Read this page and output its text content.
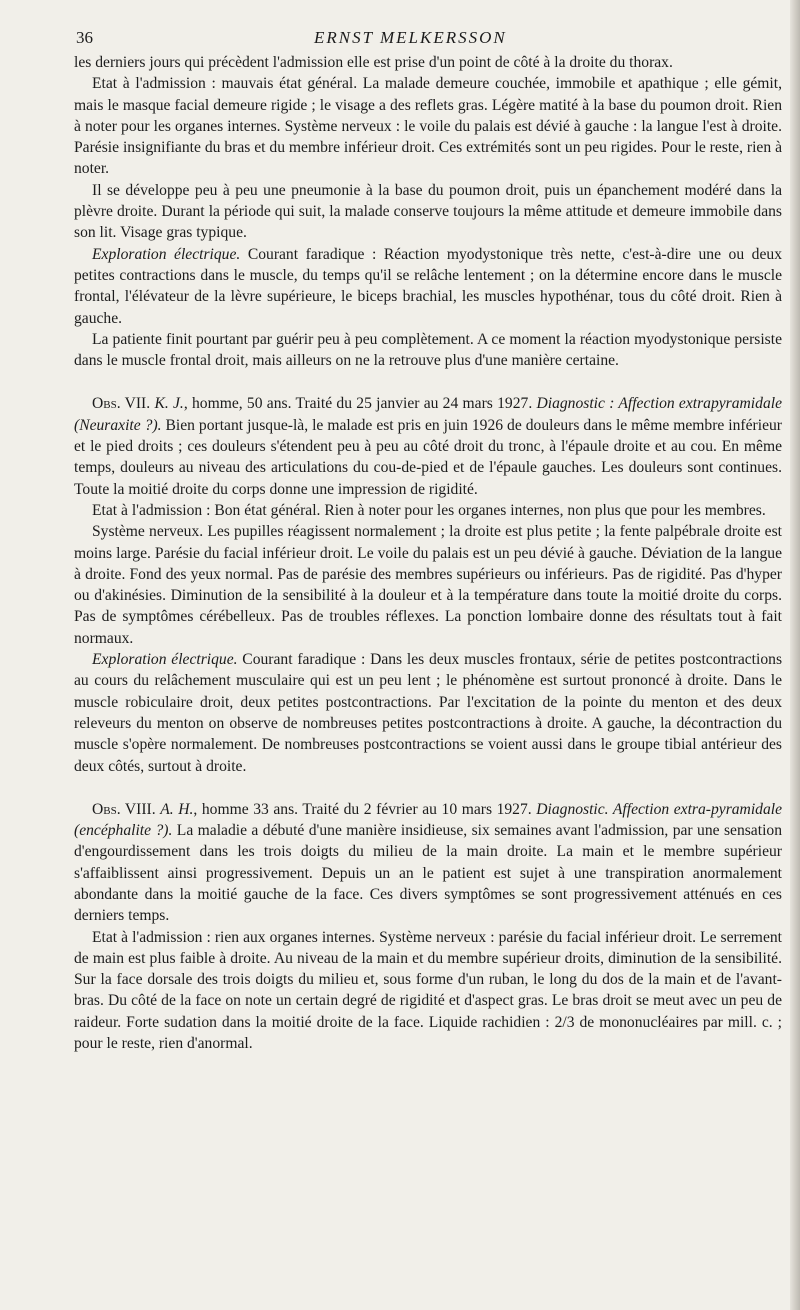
36	ERNST MELKERSSON

les derniers jours qui précèdent l'admission elle est prise d'un point de côté à la droite du thorax.

Etat à l'admission : mauvais état général. La malade demeure couchée, immobile et apathique ; elle gémit, mais le masque facial demeure rigide ; le visage a des reflets gras. Légère matité à la base du poumon droit. Rien à noter pour les organes internes. Système nerveux : le voile du palais est dévié à gauche : la langue l'est à droite. Parésie insignifiante du bras et du membre inférieur droit. Ces extrémités sont un peu rigides. Pour le reste, rien à noter.

Il se développe peu à peu une pneumonie à la base du poumon droit, puis un épanchement modéré dans la plèvre droite. Durant la période qui suit, la malade conserve toujours la même attitude et demeure immobile dans son lit. Visage gras typique.

Exploration électrique. Courant faradique : Réaction myodystonique très nette, c'est-à-dire une ou deux petites contractions dans le muscle, du temps qu'il se relâche lentement ; on la détermine encore dans le muscle frontal, l'élévateur de la lèvre supérieure, le biceps brachial, les muscles hypothénar, tous du côté droit. Rien à gauche.

La patiente finit pourtant par guérir peu à peu complètement. A ce moment la réaction myodystonique persiste dans le muscle frontal droit, mais ailleurs on ne la retrouve plus d'une manière certaine.

Obs. VII. K. J., homme, 50 ans. Traité du 25 janvier au 24 mars 1927. Diagnostic : Affection extrapyramidale (Neuraxite ?). Bien portant jusque-là, le malade est pris en juin 1926 de douleurs dans le même membre inférieur et le pied droits ; ces douleurs s'étendent peu à peu au côté droit du tronc, à l'épaule droite et au cou. En même temps, douleurs au niveau des articulations du cou-de-pied et de l'épaule gauches. Les douleurs sont continues. Toute la moitié droite du corps donne une impression de rigidité.

Etat à l'admission : Bon état général. Rien à noter pour les organes internes, non plus que pour les membres.

Système nerveux. Les pupilles réagissent normalement ; la droite est plus petite ; la fente palpébrale droite est moins large. Parésie du facial inférieur droit. Le voile du palais est un peu dévié à gauche. Déviation de la langue à droite. Fond des yeux normal. Pas de parésie des membres supérieurs ou inférieurs. Pas de rigidité. Pas d'hyper ou d'akinésies. Diminution de la sensibilité à la douleur et à la température dans toute la moitié droite du corps. Pas de symptômes cérébelleux. Pas de troubles réflexes. La ponction lombaire donne des résultats tout à fait normaux.

Exploration électrique. Courant faradique : Dans les deux muscles frontaux, série de petites postcontractions au cours du relâchement musculaire qui est un peu lent ; le phénomène est surtout prononcé à droite. Dans le muscle robiculaire droit, deux petites postcontractions. Par l'excitation de la pointe du menton et des deux releveurs du menton on observe de nombreuses petites postcontractions à droite. A gauche, la décontraction du muscle s'opère normalement. De nombreuses postcontractions se voient aussi dans le groupe tibial antérieur des deux côtés, surtout à droite.

Obs. VIII. A. H., homme 33 ans. Traité du 2 février au 10 mars 1927. Diagnostic. Affection extra-pyramidale (encéphalite ?). La maladie a débuté d'une manière insidieuse, six semaines avant l'admission, par une sensation d'engourdissement dans les trois doigts du milieu de la main droite. La main et le membre supérieur s'affaiblissent ainsi progressivement. Depuis un an le patient est sujet à une transpiration anormalement abondante dans la moitié gauche de la face. Ces divers symptômes se sont progressivement atténués en ces derniers temps.

Etat à l'admission : rien aux organes internes. Système nerveux : parésie du facial inférieur droit. Le serrement de main est plus faible à droite. Au niveau de la main et du membre supérieur droits, diminution de la sensibilité. Sur la face dorsale des trois doigts du milieu et, sous forme d'un ruban, le long du dos de la main et de l'avant-bras. Du côté de la face on note un certain degré de rigidité et d'aspect gras. Le bras droit se meut avec un peu de raideur. Forte sudation dans la moitié droite de la face. Liquide rachidien : 2/3 de mononucléaires par mill. c. ; pour le reste, rien d'anormal.
